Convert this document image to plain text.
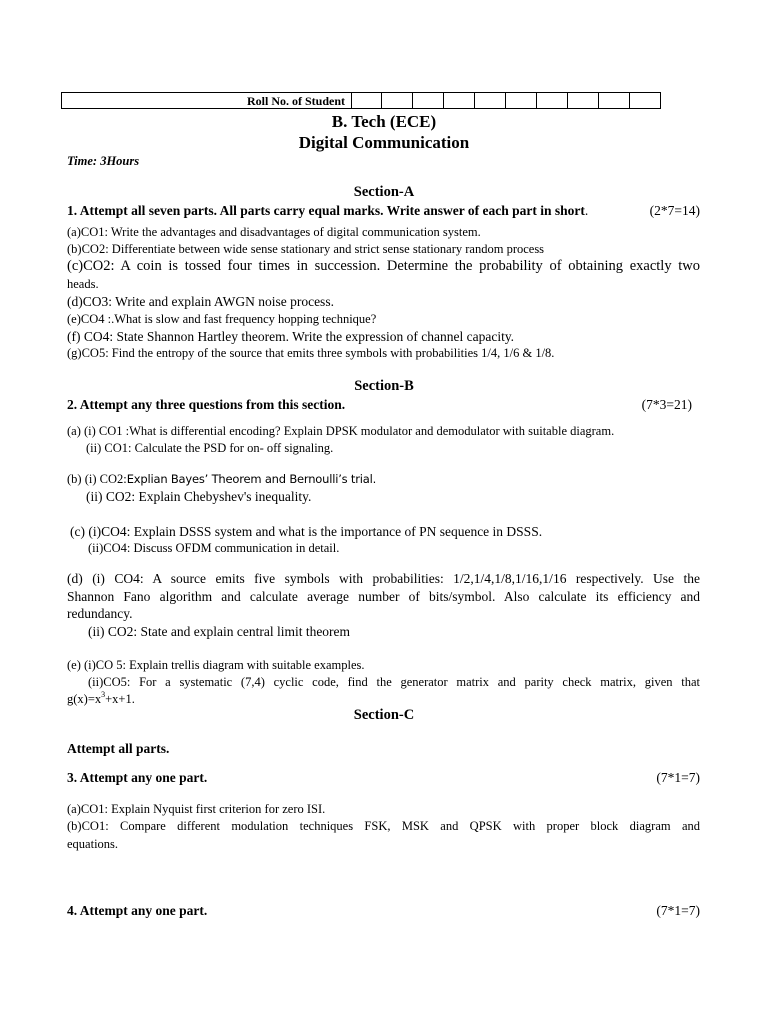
Roll No. of Student
B. Tech (ECE)
Digital Communication
Time: 3Hours
Section-A
1. Attempt all seven parts. All parts carry equal marks. Write answer of each part in short.	(2*7=14)
(a)CO1: Write the advantages and disadvantages of digital communication system.
(b)CO2: Differentiate between wide sense stationary and strict sense stationary random process
(c)CO2: A coin is tossed four times in succession. Determine the probability of obtaining exactly two
heads.
(d)CO3: Write and explain AWGN noise process.
(e)CO4 :.What is slow and fast frequency hopping technique?
(f) CO4: State Shannon Hartley theorem. Write the expression of channel capacity.
(g)CO5: Find the entropy of the source that emits three symbols with probabilities 1/4, 1/6 & 1/8.
Section-B
2. Attempt any three questions from this section.	(7*3=21)
(a) (i) CO1 :What is differential encoding? Explain DPSK modulator and demodulator with suitable diagram.
(ii) CO1: Calculate the PSD for on- off signaling.
(b) (i) CO2:Explian Bayes’ Theorem and Bernoulli’s trial.
(ii) CO2: Explain Chebyshev's inequality.
(c) (i)CO4: Explain DSSS system and what is the importance of PN sequence in DSSS.
(ii)CO4: Discuss OFDM communication in detail.
(d) (i) CO4: A source emits five symbols with probabilities: 1/2,1/4,1/8,1/16,1/16 respectively. Use the
Shannon Fano algorithm and calculate average number of bits/symbol. Also calculate its efficiency and
redundancy.
(ii) CO2: State and explain central limit theorem
(e) (i)CO 5: Explain trellis diagram with suitable examples.
(ii)CO5: For a systematic (7,4) cyclic code, find the generator matrix and parity check matrix, given that
$g(x)=x^3+x+1$.
Section-C
Attempt all parts.
3. Attempt any one part.	(7*1=7)
(a)CO1: Explain Nyquist first criterion for zero ISI.
(b)CO1: Compare different modulation techniques FSK, MSK and QPSK with proper block diagram and
equations.
4. Attempt any one part.	(7*1=7)
